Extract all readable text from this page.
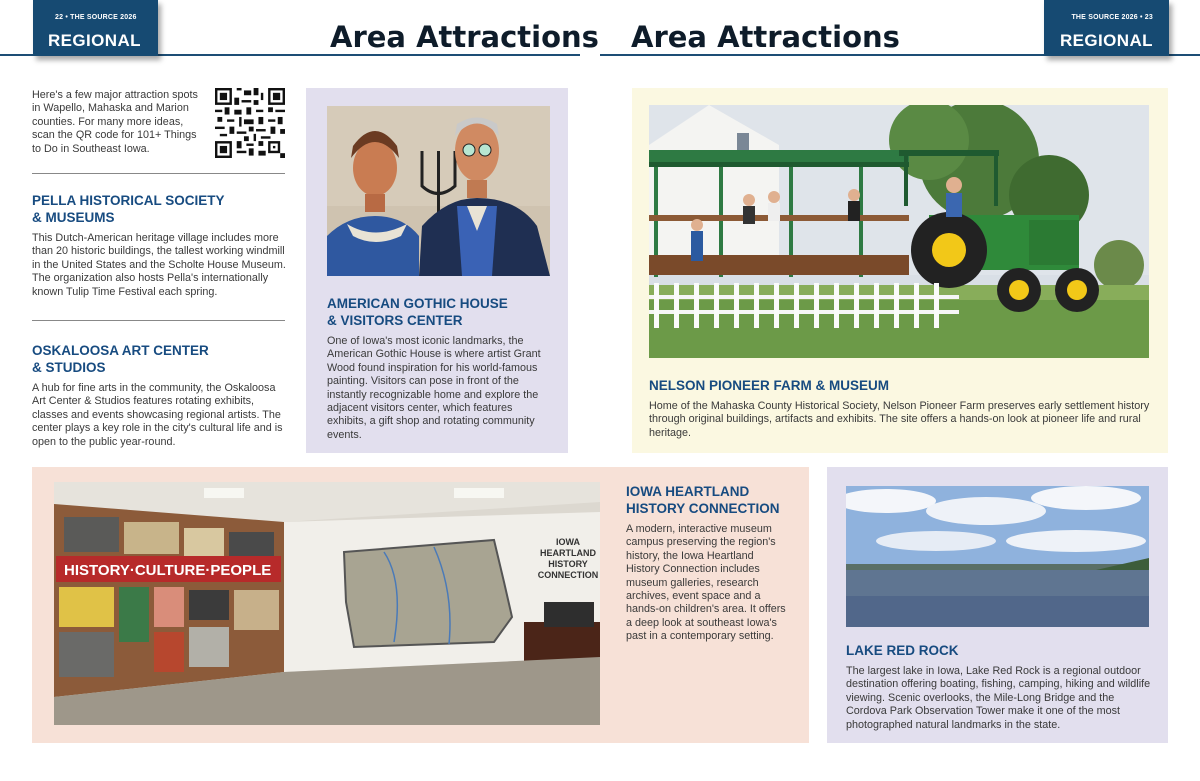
22 • THE SOURCE 2026
REGIONAL
THE SOURCE 2026 • 23
REGIONAL
Area Attractions Area Attractions

Here's a few major attraction spots in Wapello, Mahaska and Marion counties. For many more ideas, scan the QR code for 101+ Things to Do in Southeast Iowa.

PELLA HISTORICAL SOCIETY
& MUSEUMS

This Dutch-American heritage village includes more than 20 historic buildings, the tallest working windmill in the United States and the Scholte House Museum. The organization also hosts Pella's internationally known Tulip Time Festival each spring.

OSKALOOSA ART CENTER
& STUDIOS

A hub for fine arts in the community, the Oskaloosa Art Center & Studios features rotating exhibits, classes and events showcasing regional artists. The center plays a key role in the city's cultural life and is open to the public year-round.

AMERICAN GOTHIC HOUSE
& VISITORS CENTER

One of Iowa's most iconic landmarks, the American Gothic House is where artist Grant Wood found inspiration for his world-famous painting. Visitors can pose in front of the instantly recognizable home and explore the adjacent visitors center, which features exhibits, a gift shop and rotating community events.

NELSON PIONEER FARM & MUSEUM

Home of the Mahaska County Historical Society, Nelson Pioneer Farm preserves early settlement history through original buildings, artifacts and exhibits. The site offers a hands-on look at pioneer life and rural heritage.

HISTORY·CULTURE·PEOPLE
IOWA HEARTLAND
HISTORY
CONNECTION

IOWA HEARTLAND
HISTORY CONNECTION

A modern, interactive museum campus preserving the region's history, the Iowa Heartland History Connection includes museum galleries, research archives, event space and a hands-on children's area. It offers a deep look at southeast Iowa's past in a contemporary setting.

LAKE RED ROCK

The largest lake in Iowa, Lake Red Rock is a regional outdoor destination offering boating, fishing, camping, hiking and wildlife viewing. Scenic overlooks, the Mile-Long Bridge and the Cordova Park Observation Tower make it one of the most photographed natural landmarks in the state.
